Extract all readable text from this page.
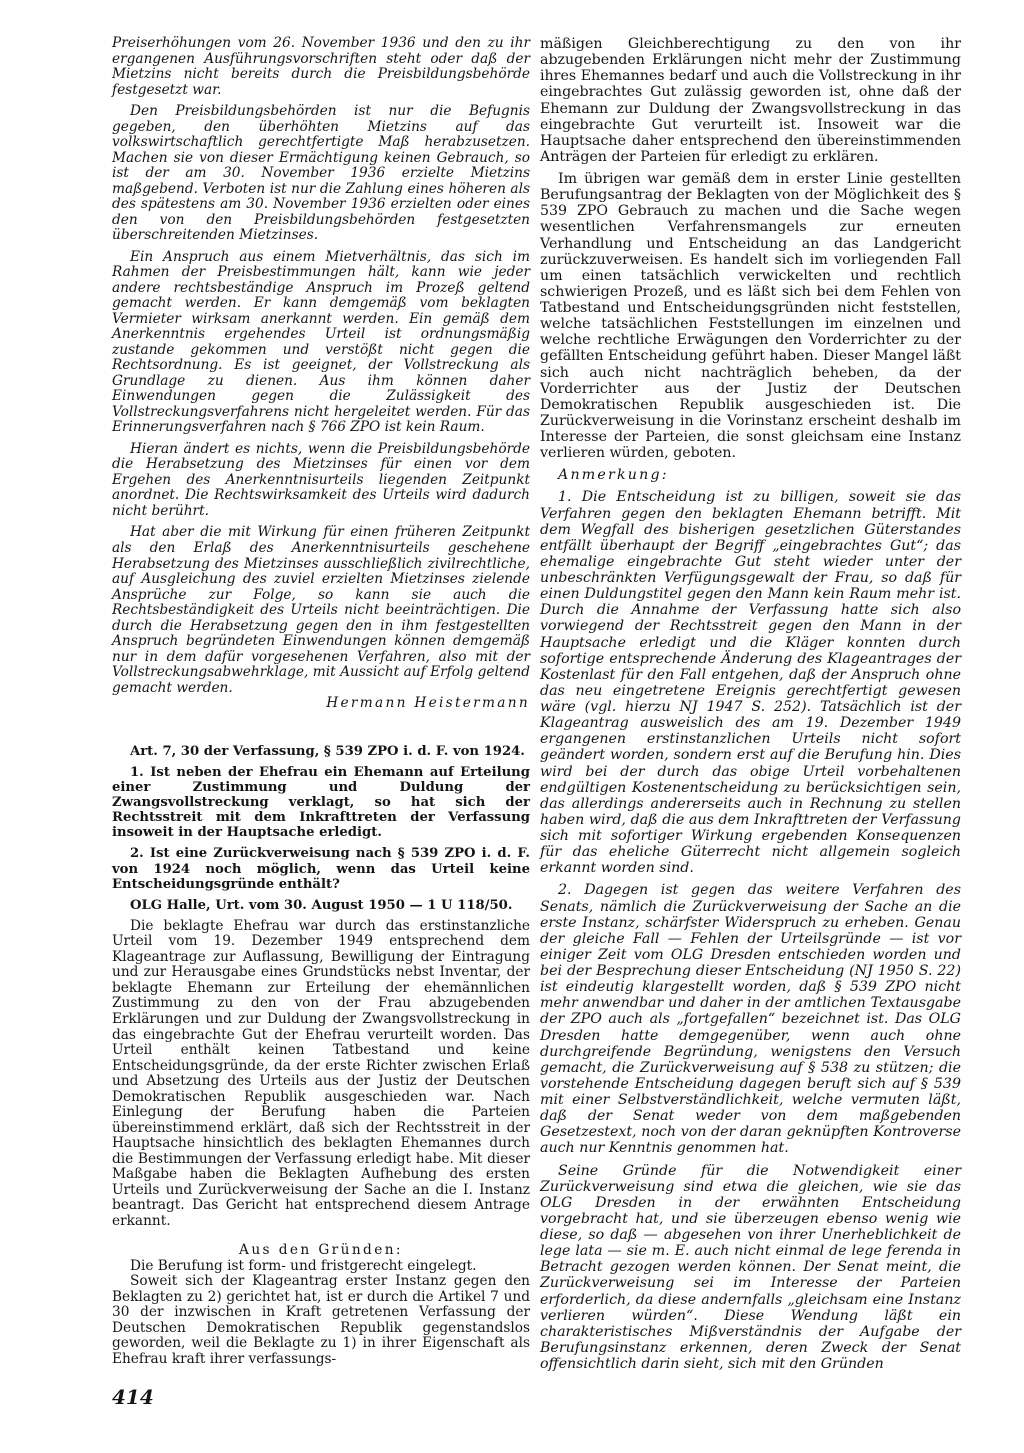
Preiserhöhungen vom 26. November 1936 und den zu ihr ergangenen Ausführungsvorschriften steht oder daß der Mietzins nicht bereits durch die Preisbildungsbehörde festgesetzt war.

Den Preisbildungsbehörden ist nur die Befugnis gegeben, den überhöhten Mietzins auf das volkswirtschaftlich gerechtfertigte Maß herabzusetzen. Machen sie von dieser Ermächtigung keinen Gebrauch, so ist der am 30. November 1936 erzielte Mietzins maßgebend. Verboten ist nur die Zahlung eines höheren als des spätestens am 30. November 1936 erzielten oder eines den von den Preisbildungsbehörden festgesetzten überschreitenden Mietzinses.

Ein Anspruch aus einem Mietverhältnis, das sich im Rahmen der Preisbestimmungen hält, kann wie jeder andere rechtsbeständige Anspruch im Prozeß geltend gemacht werden. Er kann demgemäß vom beklagten Vermieter wirksam anerkannt werden. Ein gemäß dem Anerkenntnis ergehendes Urteil ist ordnungsmäßig zustande gekommen und verstößt nicht gegen die Rechtsordnung. Es ist geeignet, der Vollstreckung als Grundlage zu dienen. Aus ihm können daher Einwendungen gegen die Zulässigkeit des Vollstreckungsverfahrens nicht hergeleitet werden. Für das Erinnerungsverfahren nach § 766 ZPO ist kein Raum.

Hieran ändert es nichts, wenn die Preisbildungsbehörde die Herabsetzung des Mietzinses für einen vor dem Ergehen des Anerkenntnisurteils liegenden Zeitpunkt anordnet. Die Rechtswirksamkeit des Urteils wird dadurch nicht berührt.

Hat aber die mit Wirkung für einen früheren Zeitpunkt als den Erlaß des Anerkenntnisurteils geschehene Herabsetzung des Mietzinses ausschließlich zivilrechtliche, auf Ausgleichung des zuviel erzielten Mietzinses zielende Ansprüche zur Folge, so kann sie auch die Rechtsbeständigkeit des Urteils nicht beeinträchtigen. Die durch die Herabsetzung gegen den in ihm festgestellten Anspruch begründeten Einwendungen können demgemäß nur in dem dafür vorgesehenen Verfahren, also mit der Vollstreckungsabwehrklage, mit Aussicht auf Erfolg geltend gemacht werden.

Hermann Heistermann

Art. 7, 30 der Verfassung, § 539 ZPO i. d. F. von 1924.

1. Ist neben der Ehefrau ein Ehemann auf Erteilung einer Zustimmung und Duldung der Zwangsvollstreckung verklagt, so hat sich der Rechtsstreit mit dem Inkrafttreten der Verfassung insoweit in der Hauptsache erledigt.

2. Ist eine Zurückverweisung nach § 539 ZPO i. d. F. von 1924 noch möglich, wenn das Urteil keine Entscheidungsgründe enthält?

OLG Halle, Urt. vom 30. August 1950 — 1 U 118/50.

Die beklagte Ehefrau war durch das erstinstanzliche Urteil vom 19. Dezember 1949 entsprechend dem Klageantrage zur Auflassung, Bewilligung der Eintragung und zur Herausgabe eines Grundstücks nebst Inventar, der beklagte Ehemann zur Erteilung der ehemännlichen Zustimmung zu den von der Frau abzugebenden Erklärungen und zur Duldung der Zwangsvollstreckung in das eingebrachte Gut der Ehefrau verurteilt worden. Das Urteil enthält keinen Tatbestand und keine Entscheidungsgründe, da der erste Richter zwischen Erlaß und Absetzung des Urteils aus der Justiz der Deutschen Demokratischen Republik ausgeschieden war. Nach Einlegung der Berufung haben die Parteien übereinstimmend erklärt, daß sich der Rechtsstreit in der Hauptsache hinsichtlich des beklagten Ehemannes durch die Bestimmungen der Verfassung erledigt habe. Mit dieser Maßgabe haben die Beklagten Aufhebung des ersten Urteils und Zurückverweisung der Sache an die I. Instanz beantragt. Das Gericht hat entsprechend diesem Antrage erkannt.

Aus den Gründen:

Die Berufung ist form- und fristgerecht eingelegt.

Soweit sich der Klageantrag erster Instanz gegen den Beklagten zu 2) gerichtet hat, ist er durch die Artikel 7 und 30 der inzwischen in Kraft getretenen Verfassung der Deutschen Demokratischen Republik gegenstandslos geworden, weil die Beklagte zu 1) in ihrer Eigenschaft als Ehefrau kraft ihrer verfassungs-

mäßigen Gleichberechtigung zu den von ihr abzugebenden Erklärungen nicht mehr der Zustimmung ihres Ehemannes bedarf und auch die Vollstreckung in ihr eingebrachtes Gut zulässig geworden ist, ohne daß der Ehemann zur Duldung der Zwangsvollstreckung in das eingebrachte Gut verurteilt ist. Insoweit war die Hauptsache daher entsprechend den übereinstimmenden Anträgen der Parteien für erledigt zu erklären.

Im übrigen war gemäß dem in erster Linie gestellten Berufungsantrag der Beklagten von der Möglichkeit des § 539 ZPO Gebrauch zu machen und die Sache wegen wesentlichen Verfahrensmangels zur erneuten Verhandlung und Entscheidung an das Landgericht zurückzuverweisen. Es handelt sich im vorliegenden Fall um einen tatsächlich verwickelten und rechtlich schwierigen Prozeß, und es läßt sich bei dem Fehlen von Tatbestand und Entscheidungsgründen nicht feststellen, welche tatsächlichen Feststellungen im einzelnen und welche rechtliche Erwägungen den Vorderrichter zu der gefällten Entscheidung geführt haben. Dieser Mangel läßt sich auch nicht nachträglich beheben, da der Vorderrichter aus der Justiz der Deutschen Demokratischen Republik ausgeschieden ist. Die Zurückverweisung in die Vorinstanz erscheint deshalb im Interesse der Parteien, die sonst gleichsam eine Instanz verlieren würden, geboten.

Anmerkung:

1. Die Entscheidung ist zu billigen, soweit sie das Verfahren gegen den beklagten Ehemann betrifft. Mit dem Wegfall des bisherigen gesetzlichen Güterstandes entfällt überhaupt der Begriff „eingebrachtes Gut“; das ehemalige eingebrachte Gut steht wieder unter der unbeschränkten Verfügungsgewalt der Frau, so daß für einen Duldungstitel gegen den Mann kein Raum mehr ist. Durch die Annahme der Verfassung hatte sich also vorwiegend der Rechtsstreit gegen den Mann in der Hauptsache erledigt und die Kläger konnten durch sofortige entsprechende Änderung des Klageantrages der Kostenlast für den Fall entgehen, daß der Anspruch ohne das neu eingetretene Ereignis gerechtfertigt gewesen wäre (vgl. hierzu NJ 1947 S. 252). Tatsächlich ist der Klageantrag ausweislich des am 19. Dezember 1949 ergangenen erstinstanzlichen Urteils nicht sofort geändert worden, sondern erst auf die Berufung hin. Dies wird bei der durch das obige Urteil vorbehaltenen endgültigen Kostenentscheidung zu berücksichtigen sein, das allerdings andererseits auch in Rechnung zu stellen haben wird, daß die aus dem Inkrafttreten der Verfassung sich mit sofortiger Wirkung ergebenden Konsequenzen für das eheliche Güterrecht nicht allgemein sogleich erkannt worden sind.

2. Dagegen ist gegen das weitere Verfahren des Senats, nämlich die Zurückverweisung der Sache an die erste Instanz, schärfster Widerspruch zu erheben. Genau der gleiche Fall — Fehlen der Urteilsgründe — ist vor einiger Zeit vom OLG Dresden entschieden worden und bei der Besprechung dieser Entscheidung (NJ 1950 S. 22) ist eindeutig klargestellt worden, daß § 539 ZPO nicht mehr anwendbar und daher in der amtlichen Textausgabe der ZPO auch als „fortgefallen“ bezeichnet ist. Das OLG Dresden hatte demgegenüber, wenn auch ohne durchgreifende Begründung, wenigstens den Versuch gemacht, die Zurückverweisung auf § 538 zu stützen; die vorstehende Entscheidung dagegen beruft sich auf § 539 mit einer Selbstverständlichkeit, welche vermuten läßt, daß der Senat weder von dem maßgebenden Gesetzestext, noch von der daran geknüpften Kontroverse auch nur Kenntnis genommen hat.

Seine Gründe für die Notwendigkeit einer Zurückverweisung sind etwa die gleichen, wie sie das OLG Dresden in der erwähnten Entscheidung vorgebracht hat, und sie überzeugen ebenso wenig wie diese, so daß — abgesehen von ihrer Unerheblichkeit de lege lata — sie m. E. auch nicht einmal de lege ferenda in Betracht gezogen werden können. Der Senat meint, die Zurückverweisung sei im Interesse der Parteien erforderlich, da diese andernfalls „gleichsam eine Instanz verlieren würden“. Diese Wendung läßt ein charakteristisches Mißverständnis der Aufgabe der Berufungsinstanz erkennen, deren Zweck der Senat offensichtlich darin sieht, sich mit den Gründen

414
